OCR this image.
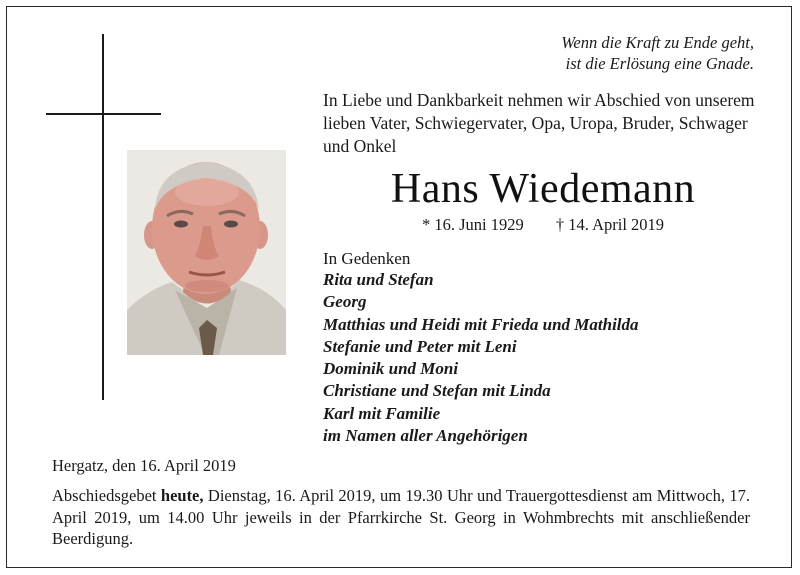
Wenn die Kraft zu Ende geht,
ist die Erlösung eine Gnade.
In Liebe und Dankbarkeit nehmen wir Abschied von unserem lieben Vater, Schwiegervater, Opa, Uropa, Bruder, Schwager und Onkel
Hans Wiedemann
* 16. Juni 1929 † 14. April 2019
In Gedenken
Rita und Stefan
Georg
Matthias und Heidi mit Frieda und Mathilda
Stefanie und Peter mit Leni
Dominik und Moni
Christiane und Stefan mit Linda
Karl mit Familie
im Namen aller Angehörigen
Hergatz, den 16. April 2019
Abschiedsgebet heute, Dienstag, 16. April 2019, um 19.30 Uhr und Trauergottesdienst am Mittwoch, 17. April 2019, um 14.00 Uhr jeweils in der Pfarrkirche St. Georg in Wohmbrechts mit anschließender Beerdigung.
